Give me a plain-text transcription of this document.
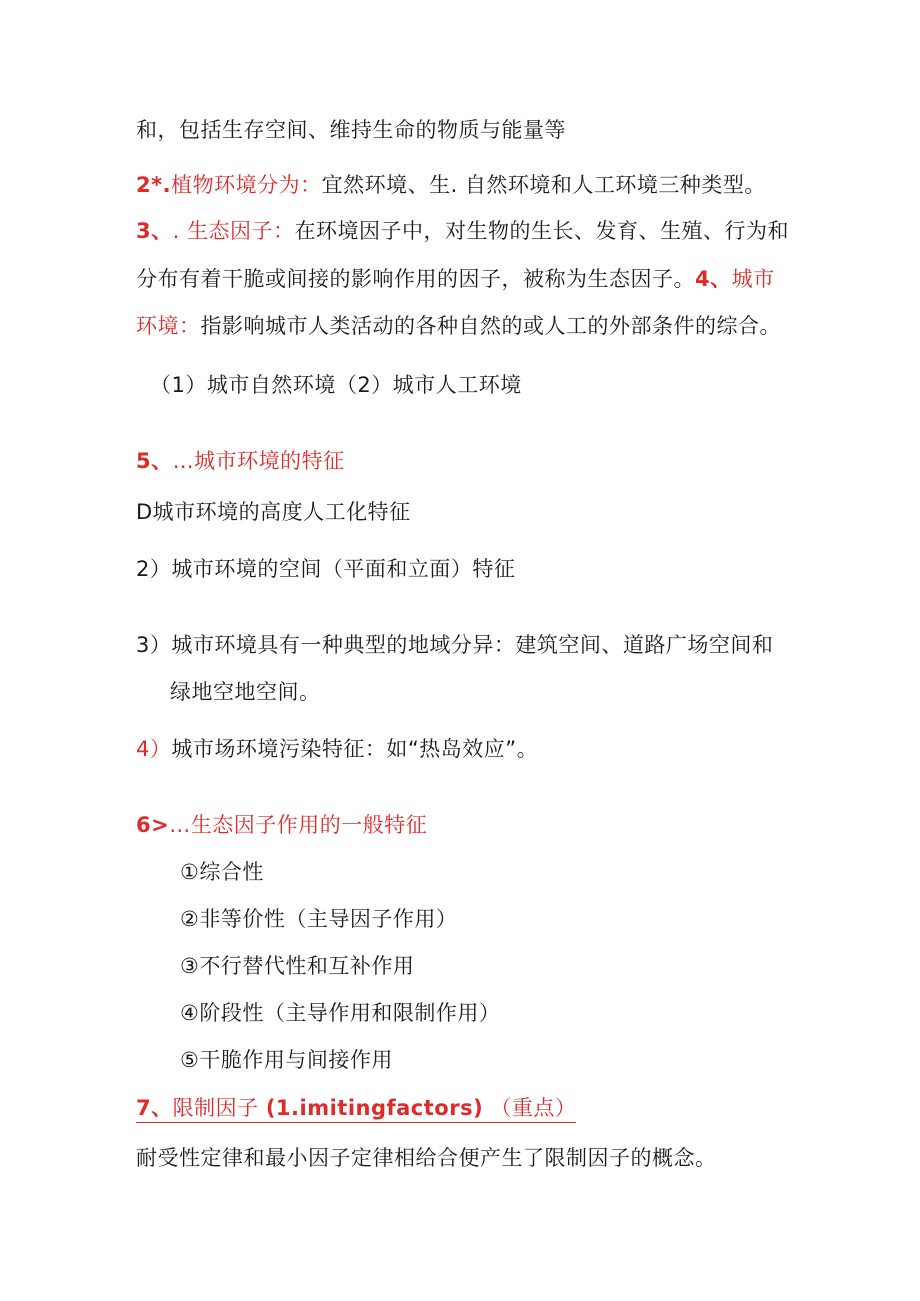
和，包括生存空间、维持生命的物质与能量等
2*.植物环境分为：宜然环境、生. 自然环境和人工环境三种类型。
3、. 生态因子：在环境因子中，对生物的生长、发育、生殖、行为和
分布有着干脆或间接的影响作用的因子，被称为生态因子。4、城市
环境：指影响城市人类活动的各种自然的或人工的外部条件的综合。
（1）城市自然环境（2）城市人工环境
5、…城市环境的特征
D城市环境的高度人工化特征
2）城市环境的空间（平面和立面）特征
3）城市环境具有一种典型的地域分异：建筑空间、道路广场空间和
绿地空地空间。
4）城市场环境污染特征：如“热岛效应”。
6>…生态因子作用的一般特征
①综合性
②非等价性（主导因子作用）
③不行替代性和互补作用
④阶段性（主导作用和限制作用）
⑤干脆作用与间接作用
7、限制因子 (1.imitingfactors) （重点）
耐受性定律和最小因子定律相给合便产生了限制因子的概念。
